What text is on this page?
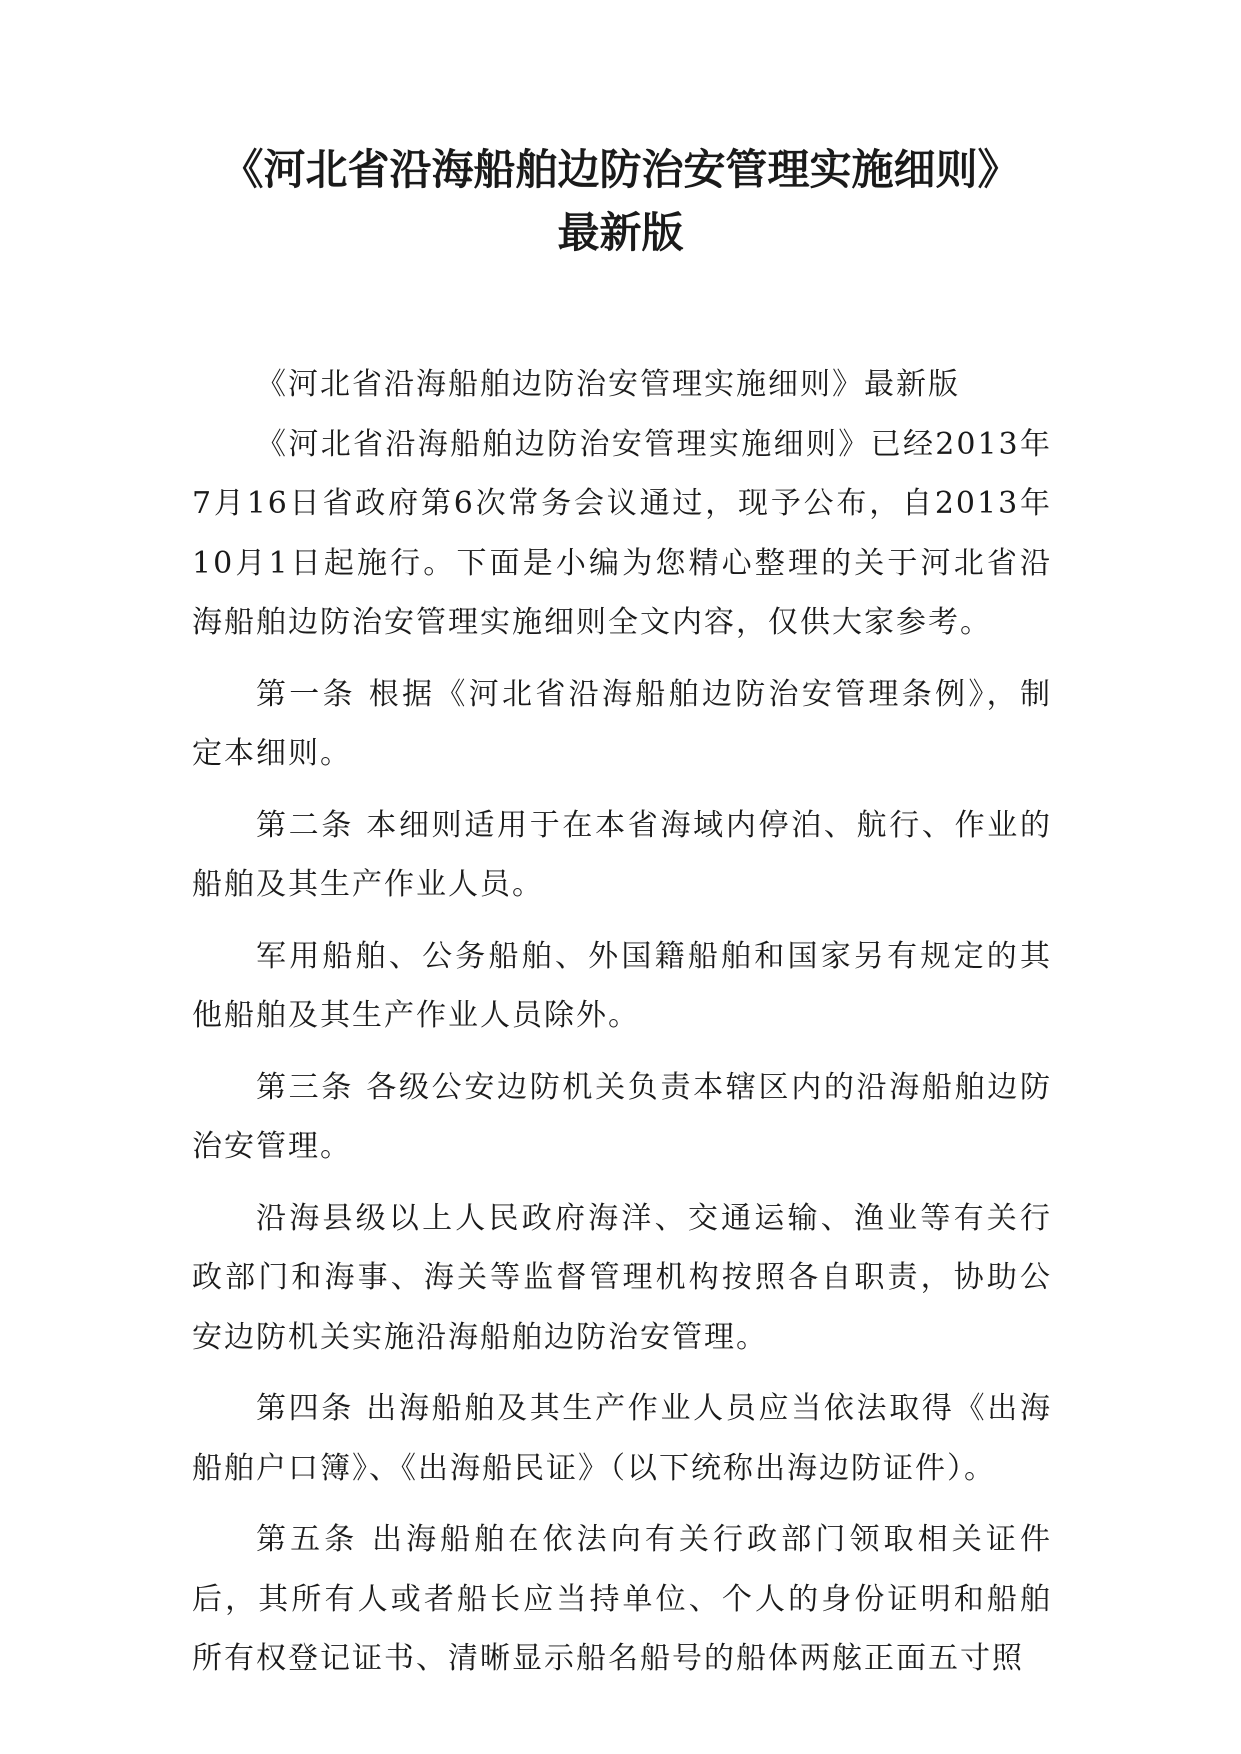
《河北省沿海船舶边防治安管理实施细则》
最新版

《河北省沿海船舶边防治安管理实施细则》最新版

《河北省沿海船舶边防治安管理实施细则》已经2013年7月16日省政府第6次常务会议通过，现予公布，自2013年10月1日起施行。下面是小编为您精心整理的关于河北省沿海船舶边防治安管理实施细则全文内容，仅供大家参考。

第一条 根据《河北省沿海船舶边防治安管理条例》，制定本细则。

第二条 本细则适用于在本省海域内停泊、航行、作业的船舶及其生产作业人员。

军用船舶、公务船舶、外国籍船舶和国家另有规定的其他船舶及其生产作业人员除外。

第三条 各级公安边防机关负责本辖区内的沿海船舶边防治安管理。

沿海县级以上人民政府海洋、交通运输、渔业等有关行政部门和海事、海关等监督管理机构按照各自职责，协助公安边防机关实施沿海船舶边防治安管理。

第四条 出海船舶及其生产作业人员应当依法取得《出海船舶户口簿》、《出海船民证》（以下统称出海边防证件）。

第五条 出海船舶在依法向有关行政部门领取相关证件后，其所有人或者船长应当持单位、个人的身份证明和船舶所有权登记证书、清晰显示船名船号的船体两舷正面五寸照
